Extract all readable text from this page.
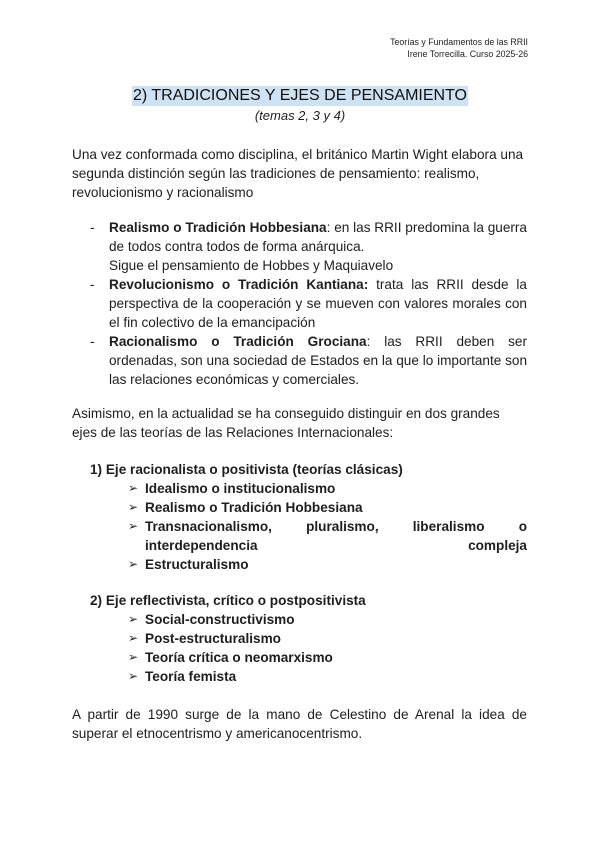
Teorías y Fundamentos de las RRII
Irene Torrecilla. Curso 2025-26
2) TRADICIONES Y EJES DE PENSAMIENTO
(temas 2, 3 y 4)

Una vez conformada como disciplina, el británico Martin Wight elabora una segunda distinción según las tradiciones de pensamiento: realismo, revolucionismo y racionalismo

- Realismo o Tradición Hobbesiana: en las RRII predomina la guerra de todos contra todos de forma anárquica.
Sigue el pensamiento de Hobbes y Maquiavelo
- Revolucionismo o Tradición Kantiana: trata las RRII desde la perspectiva de la cooperación y se mueven con valores morales con el fin colectivo de la emancipación
- Racionalismo o Tradición Grociana: las RRII deben ser ordenadas, son una sociedad de Estados en la que lo importante son las relaciones económicas y comerciales.

Asimismo, en la actualidad se ha conseguido distinguir en dos grandes ejes de las teorías de las Relaciones Internacionales:

1) Eje racionalista o positivista (teorías clásicas)
➢ Idealismo o institucionalismo
➢ Realismo o Tradición Hobbesiana
➢ Transnacionalismo, pluralismo, liberalismo o interdependencia compleja
➢ Estructuralismo
2) Eje reflectivista, crítico o postpositivista
➢ Social-constructivismo
➢ Post-estructuralismo
➢ Teoría crítica o neomarxismo
➢ Teoría femista

A partir de 1990 surge de la mano de Celestino de Arenal la idea de superar el etnocentrismo y americanocentrismo.
